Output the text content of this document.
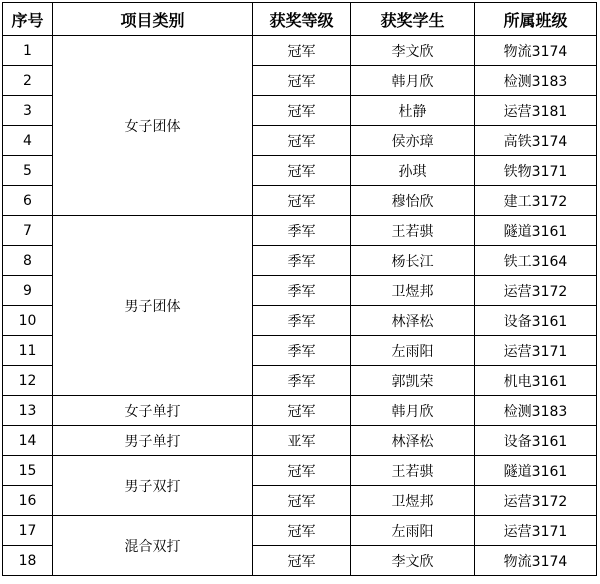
序号	项目类别	获奖等级	获奖学生	所属班级
1	女子团体	冠军	李文欣	物流3174
2		冠军	韩月欣	检测3183
3		冠军	杜静	运营3181
4		冠军	侯亦璋	高铁3174
5		冠军	孙琪	铁物3171
6		冠军	穆怡欣	建工3172
7	男子团体	季军	王若骐	隧道3161
8		季军	杨长江	铁工3164
9		季军	卫煜邦	运营3172
10		季军	林泽松	设备3161
11		季军	左雨阳	运营3171
12		季军	郭凯荣	机电3161
13	女子单打	冠军	韩月欣	检测3183
14	男子单打	亚军	林泽松	设备3161
15	男子双打	冠军	王若骐	隧道3161
16		冠军	卫煜邦	运营3172
17	混合双打	冠军	左雨阳	运营3171
18		冠军	李文欣	物流3174
